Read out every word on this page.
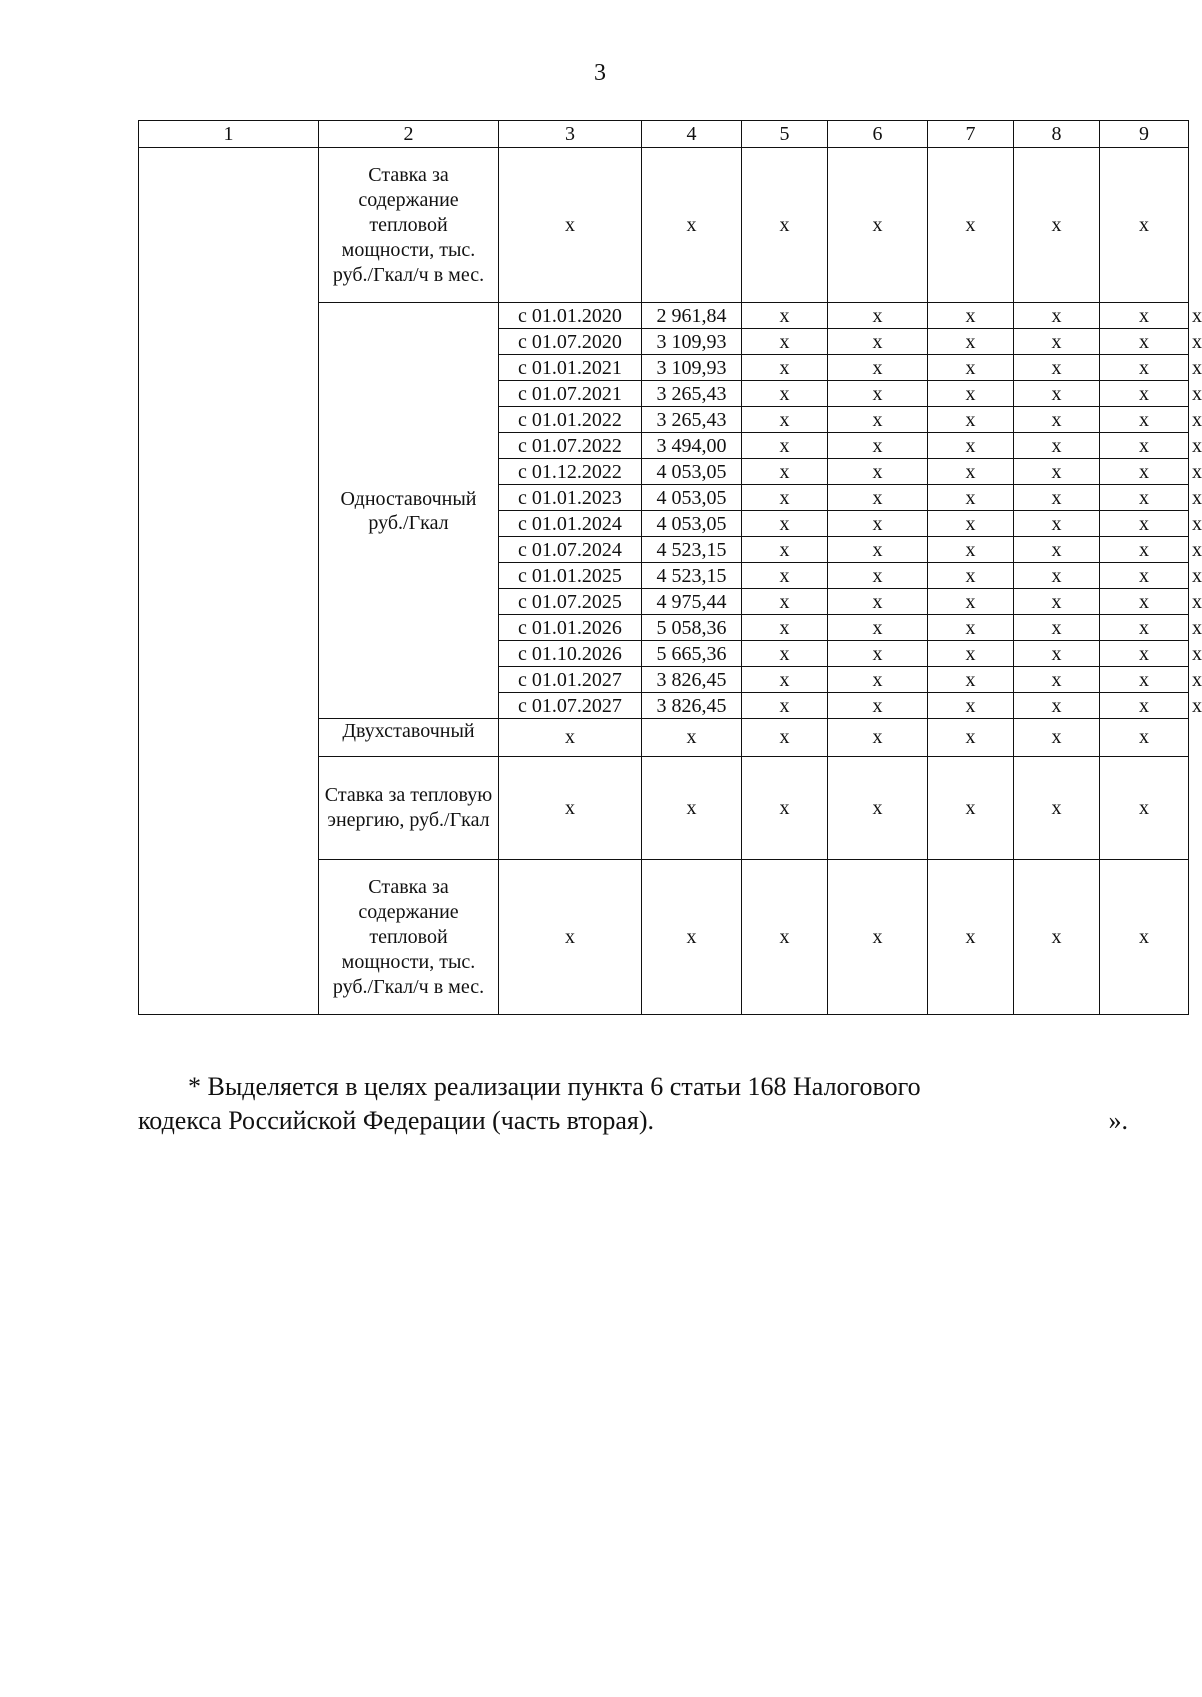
3
1	2	3	4	5	6	7	8	9	
	Ставка за содержание тепловой мощности, тыс. руб./Гкал/ч в мес.	x	x	x	x	x	x	x	
	Одноставочный руб./Гкал	с 01.01.2020	2 961,84	x	x	x	x	x	x
		с 01.07.2020	3 109,93	x	x	x	x	x	x
		с 01.01.2021	3 109,93	x	x	x	x	x	x
		с 01.07.2021	3 265,43	x	x	x	x	x	x
		с 01.01.2022	3 265,43	x	x	x	x	x	x
		с 01.07.2022	3 494,00	x	x	x	x	x	x
		с 01.12.2022	4 053,05	x	x	x	x	x	x
		с 01.01.2023	4 053,05	x	x	x	x	x	x
		с 01.01.2024	4 053,05	x	x	x	x	x	x
		с 01.07.2024	4 523,15	x	x	x	x	x	x
		с 01.01.2025	4 523,15	x	x	x	x	x	x
		с 01.07.2025	4 975,44	x	x	x	x	x	x
		с 01.01.2026	5 058,36	x	x	x	x	x	x
		с 01.10.2026	5 665,36	x	x	x	x	x	x
		с 01.01.2027	3 826,45	x	x	x	x	x	x
		с 01.07.2027	3 826,45	x	x	x	x	x	x
	Двухставочный	x	x	x	x	x	x	x	
	Ставка за тепловую энергию, руб./Гкал	x	x	x	x	x	x	x	
	Ставка за содержание тепловой мощности, тыс. руб./Гкал/ч в мес.	x	x	x	x	x	x	x	
* Выделяется в целях реализации пункта 6 статьи 168 Налогового
кодекса Российской Федерации (часть вторая).	».
